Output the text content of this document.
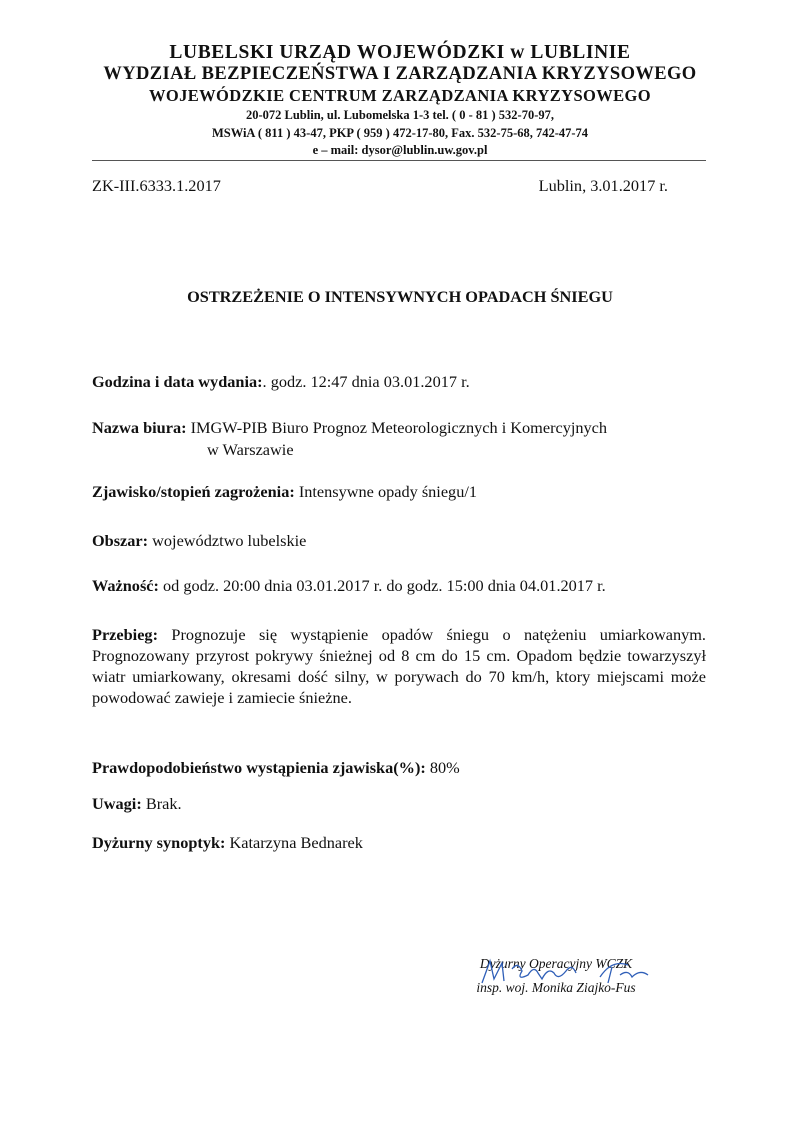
LUBELSKI URZĄD WOJEWÓDZKI w LUBLINIE
WYDZIAŁ BEZPIECZEŃSTWA I ZARZĄDZANIA KRYZYSOWEGO
WOJEWÓDZKIE CENTRUM ZARZĄDZANIA KRYZYSOWEGO
20-072 Lublin, ul. Lubomelska 1-3 tel. ( 0 - 81 ) 532-70-97,
MSWiA ( 811 ) 43-47, PKP ( 959 ) 472-17-80, Fax. 532-75-68, 742-47-74
e – mail: dysor@lublin.uw.gov.pl
ZK-III.6333.1.2017	Lublin, 3.01.2017 r.
OSTRZEŻENIE O INTENSYWNYCH OPADACH ŚNIEGU
Godzina i data wydania:. godz. 12:47 dnia 03.01.2017 r.
Nazwa biura: IMGW-PIB Biuro Prognoz Meteorologicznych i Komercyjnych
w Warszawie
Zjawisko/stopień zagrożenia: Intensywne opady śniegu/1
Obszar: województwo lubelskie
Ważność: od godz. 20:00 dnia 03.01.2017 r. do godz. 15:00 dnia 04.01.2017 r.
Przebieg: Prognozuje się wystąpienie opadów śniegu o natężeniu umiarkowanym. Prognozowany przyrost pokrywy śnieżnej od 8 cm do 15 cm. Opadom będzie towarzyszył wiatr umiarkowany, okresami dość silny, w porywach do 70 km/h, ktory miejscami może powodować zawieje i zamiecie śnieżne.
Prawdopodobieństwo wystąpienia zjawiska(%): 80%
Uwagi: Brak.
Dyżurny synoptyk: Katarzyna Bednarek
Dyżurny Operacyjny WCZK
insp. woj. Monika Ziajko-Fus
